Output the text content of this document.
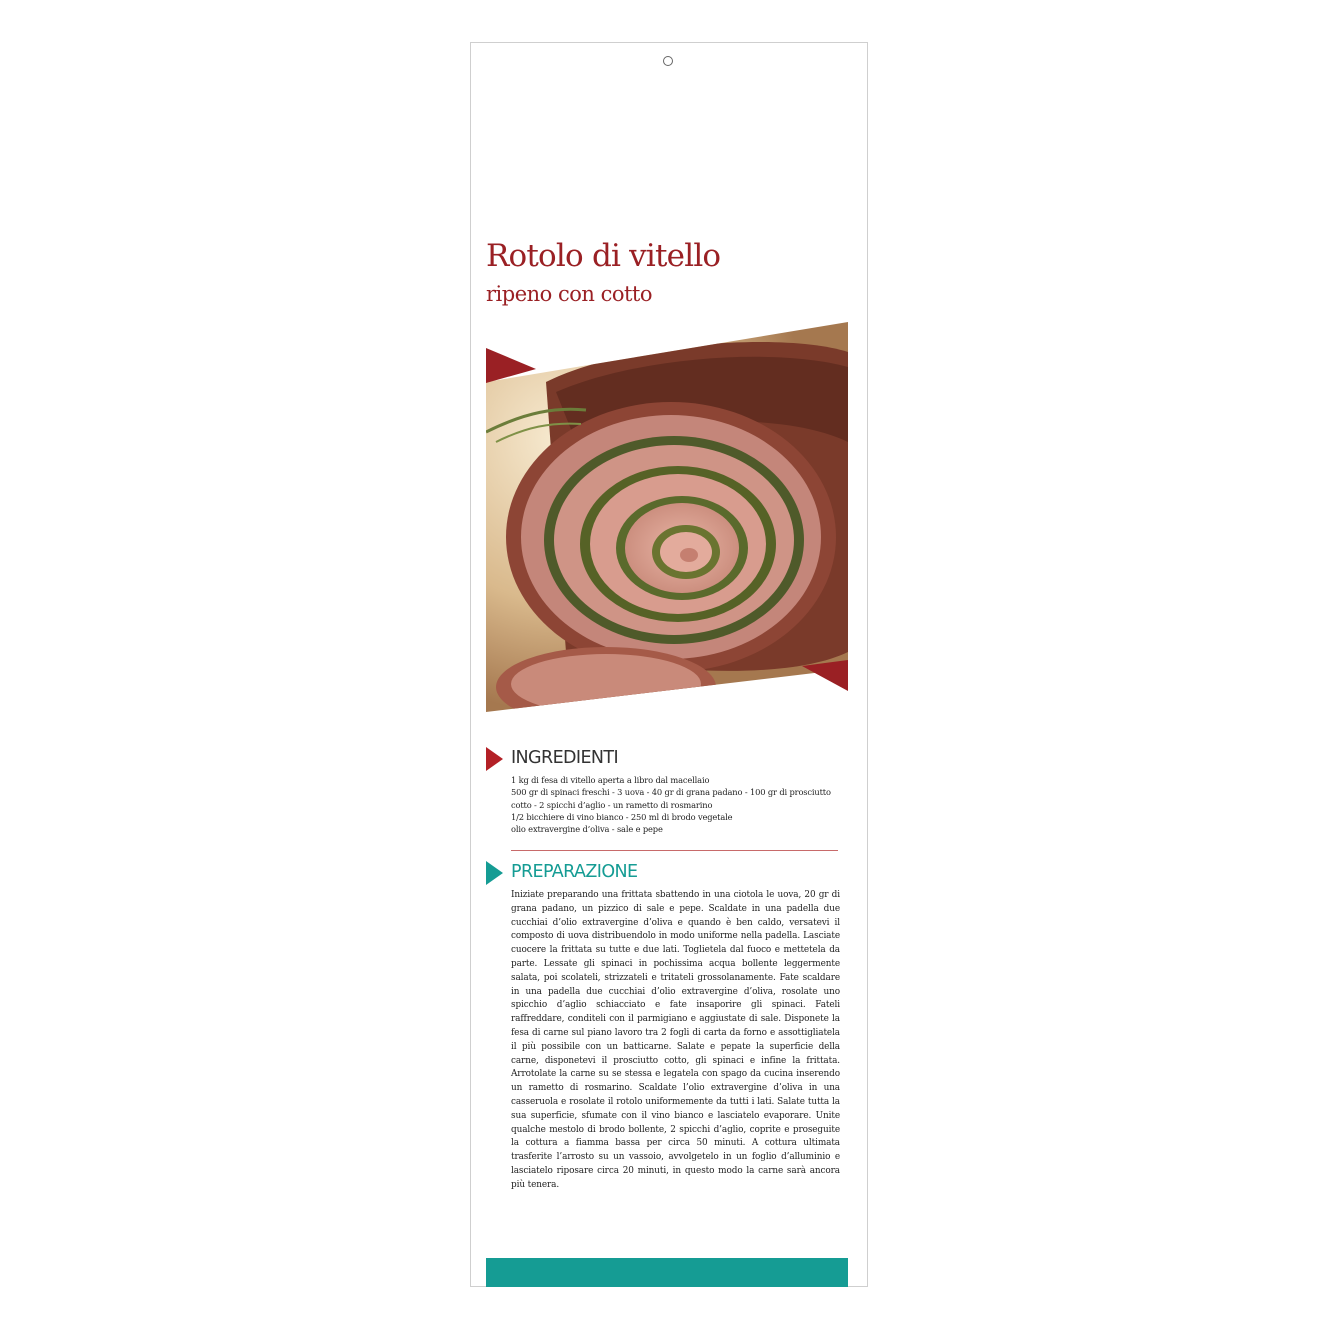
Rotolo di vitello
ripeno con cotto
INGREDIENTI
1 kg di fesa di vitello aperta a libro dal macellaio
500 gr di spinaci freschi - 3 uova - 40 gr di grana padano - 100 gr di prosciutto cotto - 2 spicchi d’aglio - un rametto di rosmarino
1/2 bicchiere di vino bianco - 250 ml di brodo vegetale
olio extravergine d’oliva - sale e pepe
PREPARAZIONE

Iniziate preparando una frittata sbattendo in una ciotola le uova, 20 gr di grana padano, un pizzico di sale e pepe. Scaldate in una padella due cucchiai d’olio extravergine d’oliva e quando è ben caldo, versatevi il composto di uova distribuendolo in modo uniforme nella padella. Lasciate cuocere la frittata su tutte e due lati. Toglietela dal fuoco e mettetela da parte. Lessate gli spinaci in pochissima acqua bollente leggermente salata, poi scolateli, strizzateli e tritateli grossolanamente. Fate scaldare in una padella due cucchiai d’olio extravergine d’oliva, rosolate uno spicchio d’aglio schiacciato e fate insaporire gli spinaci. Fateli raffreddare, conditeli con il parmigiano e aggiustate di sale. Disponete la fesa di carne sul piano lavoro tra 2 fogli di carta da forno e assottigliatela il più possibile con un batticarne. Salate e pepate la superficie della carne, disponetevi il prosciutto cotto, gli spinaci e infine la frittata. Arrotolate la carne su se stessa e legatela con spago da cucina inserendo un rametto di rosmarino. Scaldate l’olio extravergine d’oliva in una casseruola e rosolate il rotolo uniformemente da tutti i lati. Salate tutta la sua superficie, sfumate con il vino bianco e lasciatelo evaporare. Unite qualche mestolo di brodo bollente, 2 spicchi d’aglio, coprite e proseguite la cottura a fiamma bassa per circa 50 minuti. A cottura ultimata trasferite l’arrosto su un vassoio, avvolgetelo in un foglio d’alluminio e lasciatelo riposare circa 20 minuti, in questo modo la carne sarà ancora più tenera.
